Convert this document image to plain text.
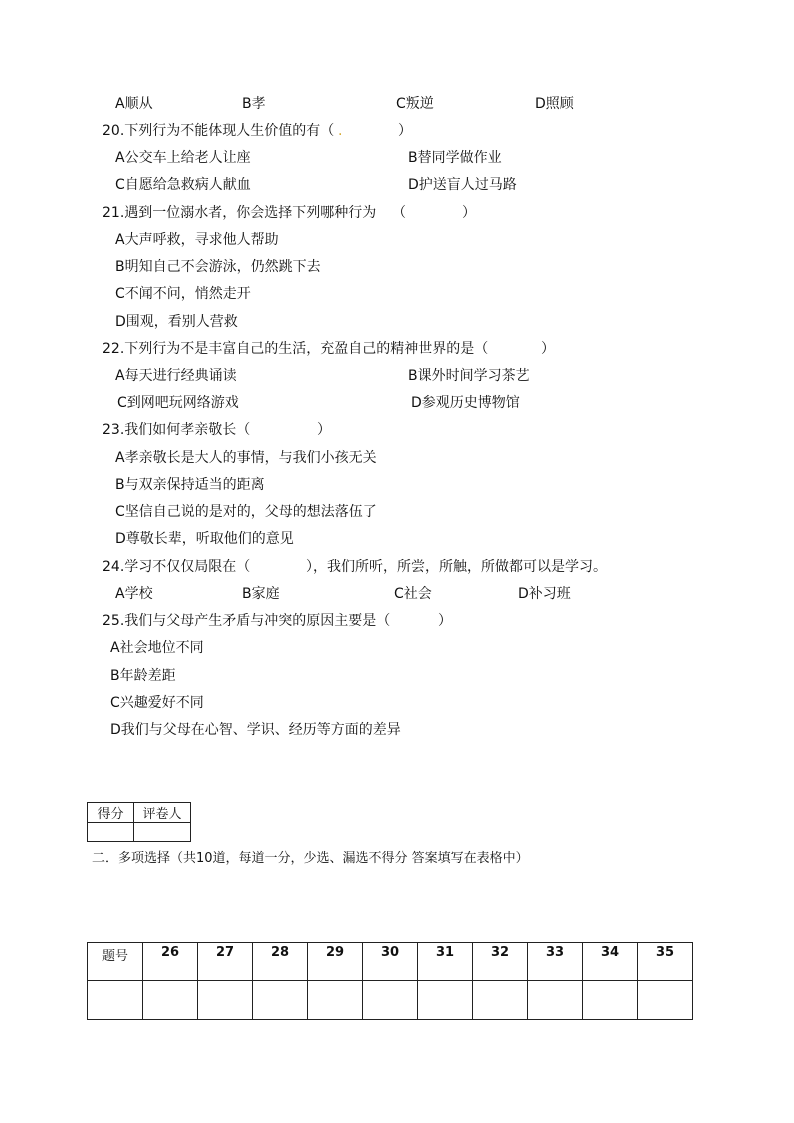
A顺从	B孝	C叛逆	D照顾
20.下列行为不能体现人生价值的有（ .	）
A公交车上给老人让座	B替同学做作业
C自愿给急救病人献血	D护送盲人过马路
21.遇到一位溺水者，你会选择下列哪种行为 （　　　　）
A大声呼救，寻求他人帮助
B明知自己不会游泳，仍然跳下去
C不闻不问，悄然走开
D围观，看别人营救
22.下列行为不是丰富自己的生活，充盈自己的精神世界的是（	）
A每天进行经典诵读	B课外时间学习茶艺
C到网吧玩网络游戏	D参观历史博物馆
23.我们如何孝亲敬长（	）
A孝亲敬长是大人的事情，与我们小孩无关
B与双亲保持适当的距离
C坚信自己说的是对的，父母的想法落伍了
D尊敬长辈，听取他们的意见
24.学习不仅仅局限在（	），我们所听，所尝，所触，所做都可以是学习。
A学校	B家庭	C社会	D补习班
25.我们与父母产生矛盾与冲突的原因主要是（	）
A社会地位不同
B年龄差距
C兴趣爱好不同
D我们与父母在心智、学识、经历等方面的差异
得分	评卷人

二．多项选择（共10道，每道一分，少选、漏选不得分 答案填写在表格中）
题号	26	27	28	29	30	31	32	33	34	35
